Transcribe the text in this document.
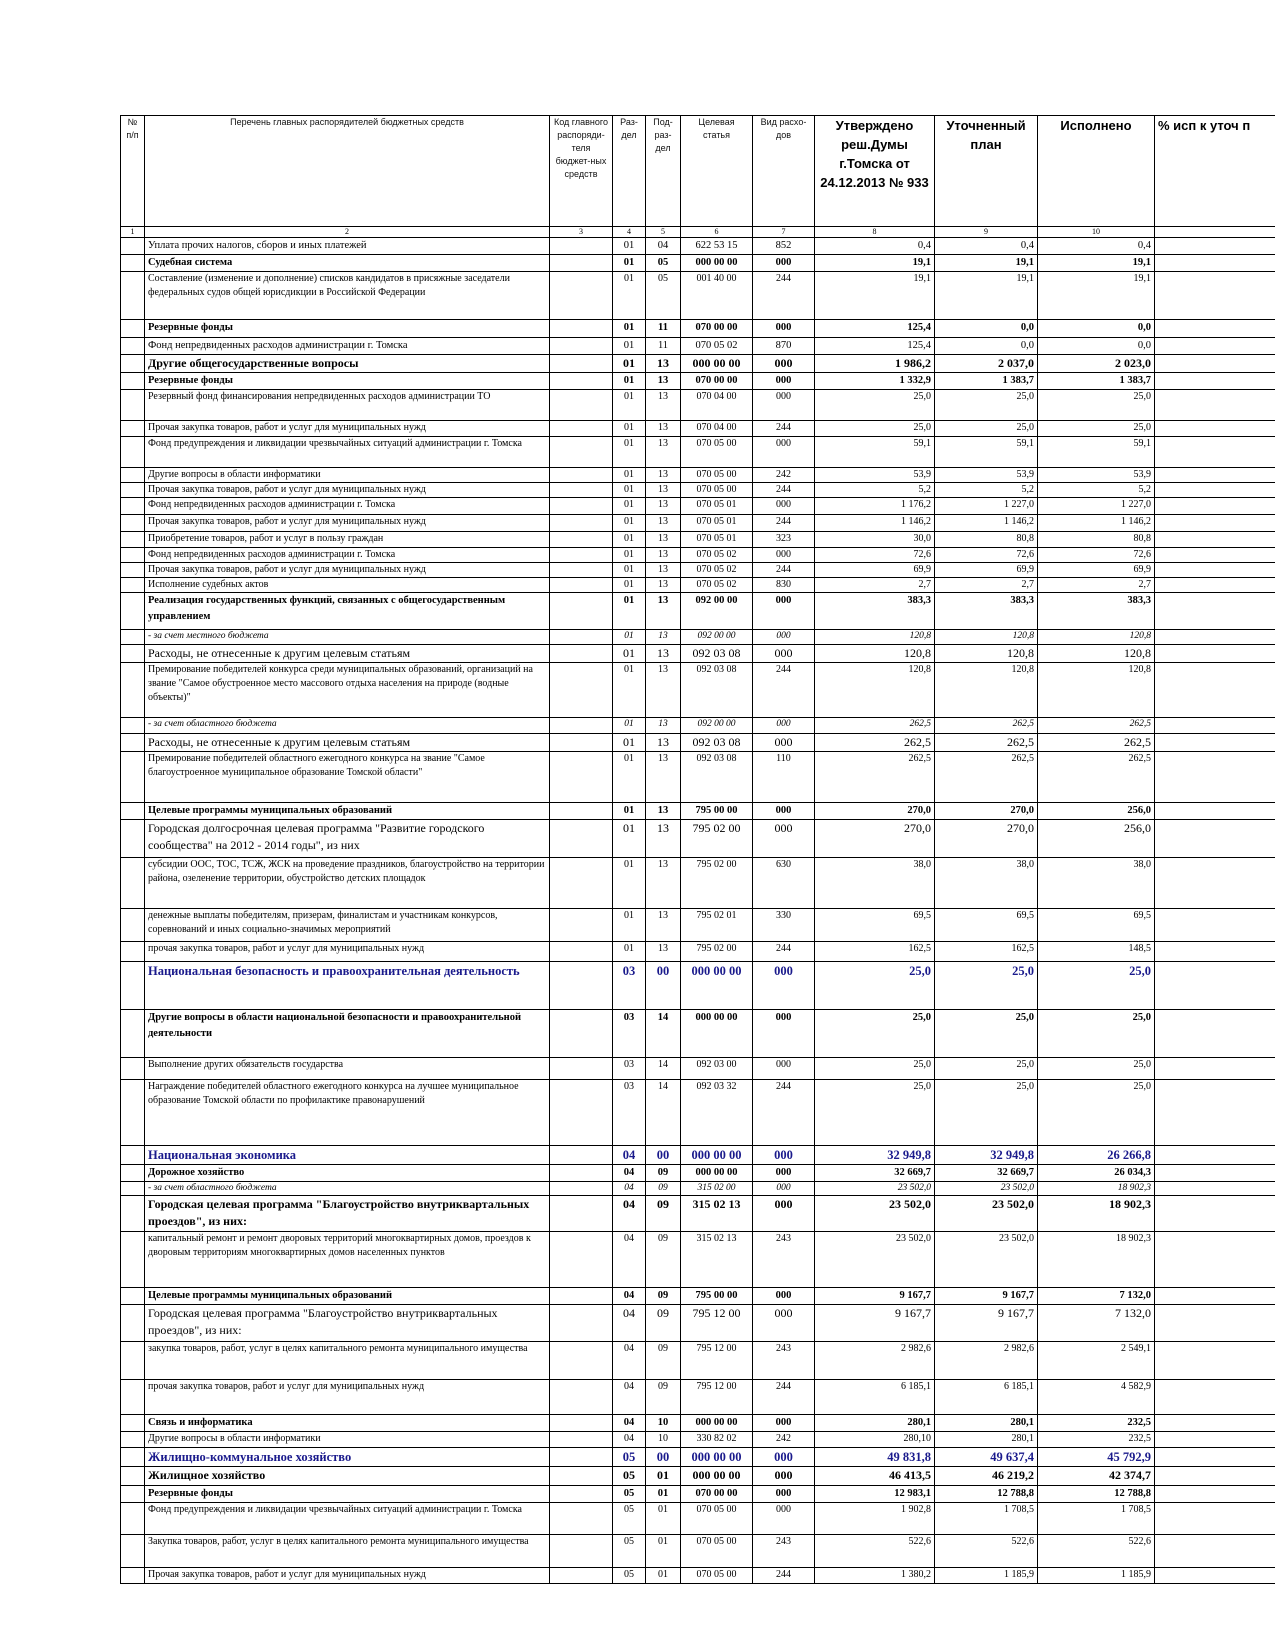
№ п/п	Перечень главных распорядителей бюджетных средств	Код главного распоряди-теля бюджет-ных средств	Раз-дел	Под-раз-дел	Целевая статья	Вид расхо-дов	Утверждено реш.Думы г.Томска от 24.12.2013 № 933	Уточненный план	Исполнено	% исп к уточ п
1	2	3	4	5	6	7	8	9	10	
	Уплата прочих налогов, сборов и иных платежей		01	04	622 53 15	852	0,4	0,4	0,4	
	Судебная система		01	05	000 00 00	000	19,1	19,1	19,1	
	Составление (изменение и дополнение) списков кандидатов в присяжные заседатели федеральных судов общей юрисдикции в Российской Федерации		01	05	001 40 00	244	19,1	19,1	19,1	
	Резервные фонды		01	11	070 00 00	000	125,4	0,0	0,0	
	Фонд непредвиденных расходов администрации г. Томска		01	11	070 05 02	870	125,4	0,0	0,0	
	Другие общегосударственные вопросы		01	13	000 00 00	000	1 986,2	2 037,0	2 023,0	
	Резервные фонды		01	13	070 00 00	000	1 332,9	1 383,7	1 383,7	
	Резервный фонд финансирования непредвиденных расходов администрации ТО		01	13	070 04 00	000	25,0	25,0	25,0	
	Прочая закупка товаров, работ и услуг для муниципальных нужд		01	13	070 04 00	244	25,0	25,0	25,0	
	Фонд предупреждения и ликвидации чрезвычайных ситуаций администрации г. Томска		01	13	070 05 00	000	59,1	59,1	59,1	
	Другие вопросы в области информатики		01	13	070 05 00	242	53,9	53,9	53,9	
	Прочая закупка товаров, работ и услуг для муниципальных нужд		01	13	070 05 00	244	5,2	5,2	5,2	
	Фонд непредвиденных расходов администрации г. Томска		01	13	070 05 01	000	1 176,2	1 227,0	1 227,0	
	Прочая закупка товаров, работ и услуг для муниципальных нужд		01	13	070 05 01	244	1 146,2	1 146,2	1 146,2	
	Приобретение товаров, работ и услуг в пользу граждан		01	13	070 05 01	323	30,0	80,8	80,8	
	Фонд непредвиденных расходов администрации г. Томска		01	13	070 05 02	000	72,6	72,6	72,6	
	Прочая закупка товаров, работ и услуг для муниципальных нужд		01	13	070 05 02	244	69,9	69,9	69,9	
	Исполнение судебных актов		01	13	070 05 02	830	2,7	2,7	2,7	
	Реализация государственных функций, связанных с общегосударственным управлением		01	13	092 00 00	000	383,3	383,3	383,3	
	- за счет местного бюджета		01	13	092 00 00	000	120,8	120,8	120,8	
	Расходы, не отнесенные к другим целевым статьям		01	13	092 03 08	000	120,8	120,8	120,8	
	Премирование победителей конкурса среди муниципальных образований, организаций на звание "Самое обустроенное место массового отдыха населения на природе (водные объекты)"		01	13	092 03 08	244	120,8	120,8	120,8	
	- за счет областного бюджета		01	13	092 00 00	000	262,5	262,5	262,5	
	Расходы, не отнесенные к другим целевым статьям		01	13	092 03 08	000	262,5	262,5	262,5	
	Премирование победителей областного ежегодного конкурса на звание "Самое благоустроенное муниципальное образование Томской области"		01	13	092 03 08	110	262,5	262,5	262,5	
	Целевые программы муниципальных образований		01	13	795 00 00	000	270,0	270,0	256,0	
	Городская долгосрочная целевая программа "Развитие городского сообщества" на 2012 - 2014 годы", из них		01	13	795 02 00	000	270,0	270,0	256,0	
	субсидии ООС, ТОС, ТСЖ, ЖСК на проведение праздников, благоустройство на территории района, озеленение территории, обустройство детских площадок		01	13	795 02 00	630	38,0	38,0	38,0	
	денежные выплаты победителям, призерам, финалистам и участникам конкурсов, соревнований и иных социально-значимых мероприятий		01	13	795 02 01	330	69,5	69,5	69,5	
	прочая закупка товаров, работ и услуг для муниципальных нужд		01	13	795 02 00	244	162,5	162,5	148,5	
	Национальная безопасность и правоохранительная деятельность		03	00	000 00 00	000	25,0	25,0	25,0	
	Другие вопросы в области национальной безопасности и правоохранительной деятельности		03	14	000 00 00	000	25,0	25,0	25,0	
	Выполнение других обязательств государства		03	14	092 03 00	000	25,0	25,0	25,0	
	Награждение победителей областного ежегодного конкурса на лучшее муниципальное образование Томской области по профилактике правонарушений		03	14	092 03 32	244	25,0	25,0	25,0	
	Национальная экономика		04	00	000 00 00	000	32 949,8	32 949,8	26 266,8	
	Дорожное хозяйство		04	09	000 00 00	000	32 669,7	32 669,7	26 034,3	
	- за счет областного бюджета		04	09	315 02 00	000	23 502,0	23 502,0	18 902,3	
	Городская целевая программа "Благоустройство внутриквартальных проездов", из них:		04	09	315 02 13	000	23 502,0	23 502,0	18 902,3	
	капитальный ремонт и ремонт дворовых территорий многоквартирных домов, проездов к дворовым территориям многоквартирных домов населенных пунктов		04	09	315 02 13	243	23 502,0	23 502,0	18 902,3	
	Целевые программы муниципальных образований		04	09	795 00 00	000	9 167,7	9 167,7	7 132,0	
	Городская целевая программа "Благоустройство внутриквартальных проездов", из них:		04	09	795 12 00	000	9 167,7	9 167,7	7 132,0	
	закупка товаров, работ, услуг в целях капитального ремонта муниципального имущества		04	09	795 12 00	243	2 982,6	2 982,6	2 549,1	
	прочая закупка товаров, работ и услуг для муниципальных нужд		04	09	795 12 00	244	6 185,1	6 185,1	4 582,9	
	Связь и информатика		04	10	000 00 00	000	280,1	280,1	232,5	
	Другие вопросы в области информатики		04	10	330 82 02	242	280,10	280,1	232,5	
	Жилищно-коммунальное хозяйство		05	00	000 00 00	000	49 831,8	49 637,4	45 792,9	
	Жилищное хозяйство		05	01	000 00 00	000	46 413,5	46 219,2	42 374,7	
	Резервные фонды		05	01	070 00 00	000	12 983,1	12 788,8	12 788,8	
	Фонд предупреждения и ликвидации чрезвычайных ситуаций администрации г. Томска		05	01	070 05 00	000	1 902,8	1 708,5	1 708,5	
	Закупка товаров, работ, услуг в целях капитального ремонта муниципального имущества		05	01	070 05 00	243	522,6	522,6	522,6	
	Прочая закупка товаров, работ и услуг для муниципальных нужд		05	01	070 05 00	244	1 380,2	1 185,9	1 185,9	
